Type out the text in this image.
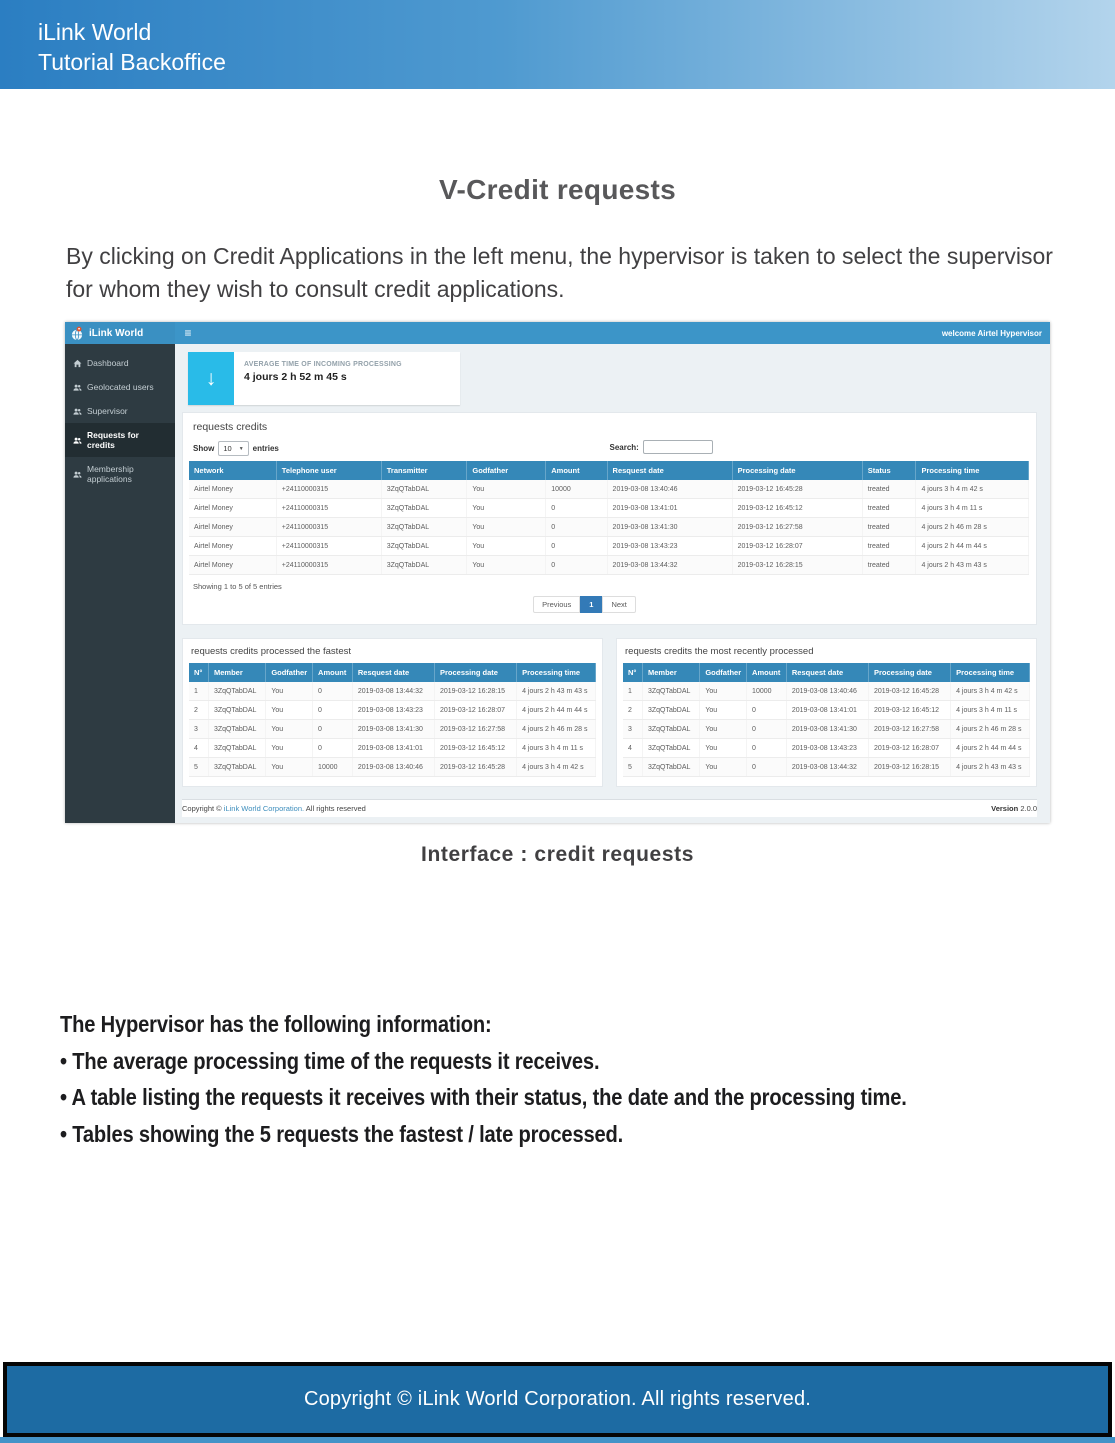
iLink World
Tutorial Backoffice
V-Credit requests
By clicking on Credit Applications in the left menu, the hypervisor is taken to select the supervisor for whom they wish to consult credit applications.
iLink World	≡	welcome Airtel Hypervisor
Dashboard
Geolocated users
Supervisor
Requests for credits
Membership applications
↓
AVERAGE TIME OF INCOMING PROCESSING
4 jours 2 h 52 m 45 s
requests credits
Show 10 ▼ entries	Search:
Network	Telephone user	Transmitter	Godfather	Amount	Resquest date	Processing date	Status	Processing time
Airtel Money	+24110000315	3ZqQTabDAL	You	10000	2019-03-08 13:40:46	2019-03-12 16:45:28	treated	4 jours 3 h 4 m 42 s
Airtel Money	+24110000315	3ZqQTabDAL	You	0	2019-03-08 13:41:01	2019-03-12 16:45:12	treated	4 jours 3 h 4 m 11 s
Airtel Money	+24110000315	3ZqQTabDAL	You	0	2019-03-08 13:41:30	2019-03-12 16:27:58	treated	4 jours 2 h 46 m 28 s
Airtel Money	+24110000315	3ZqQTabDAL	You	0	2019-03-08 13:43:23	2019-03-12 16:28:07	treated	4 jours 2 h 44 m 44 s
Airtel Money	+24110000315	3ZqQTabDAL	You	0	2019-03-08 13:44:32	2019-03-12 16:28:15	treated	4 jours 2 h 43 m 43 s
Showing 1 to 5 of 5 entries
Previous	1	Next
requests credits processed the fastest
N°	Member	Godfather	Amount	Resquest date	Processing date	Processing time
1	3ZqQTabDAL	You	0	2019-03-08 13:44:32	2019-03-12 16:28:15	4 jours 2 h 43 m 43 s
2	3ZqQTabDAL	You	0	2019-03-08 13:43:23	2019-03-12 16:28:07	4 jours 2 h 44 m 44 s
3	3ZqQTabDAL	You	0	2019-03-08 13:41:30	2019-03-12 16:27:58	4 jours 2 h 46 m 28 s
4	3ZqQTabDAL	You	0	2019-03-08 13:41:01	2019-03-12 16:45:12	4 jours 3 h 4 m 11 s
5	3ZqQTabDAL	You	10000	2019-03-08 13:40:46	2019-03-12 16:45:28	4 jours 3 h 4 m 42 s
requests credits the most recently processed
N°	Member	Godfather	Amount	Resquest date	Processing date	Processing time
1	3ZqQTabDAL	You	10000	2019-03-08 13:40:46	2019-03-12 16:45:28	4 jours 3 h 4 m 42 s
2	3ZqQTabDAL	You	0	2019-03-08 13:41:01	2019-03-12 16:45:12	4 jours 3 h 4 m 11 s
3	3ZqQTabDAL	You	0	2019-03-08 13:41:30	2019-03-12 16:27:58	4 jours 2 h 46 m 28 s
4	3ZqQTabDAL	You	0	2019-03-08 13:43:23	2019-03-12 16:28:07	4 jours 2 h 44 m 44 s
5	3ZqQTabDAL	You	0	2019-03-08 13:44:32	2019-03-12 16:28:15	4 jours 2 h 43 m 43 s
Copyright © iLink World Corporation. All rights reserved	Version 2.0.0
Interface : credit requests
The Hypervisor has the following information:
• The average processing time of the requests it receives.
• A table listing the requests it receives with their status, the date and the processing time.
• Tables showing the 5 requests the fastest / late processed.
Copyright © iLink World Corporation. All rights reserved.
